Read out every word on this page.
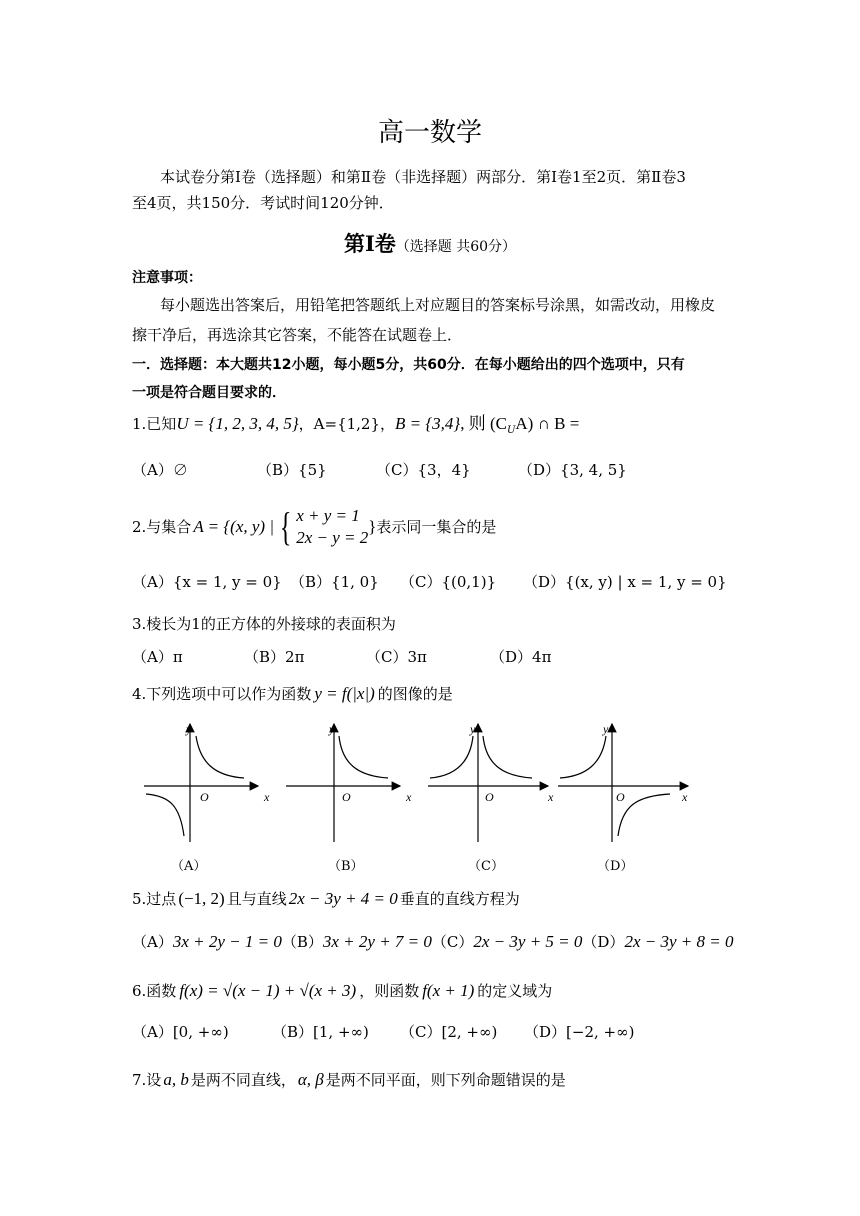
高一数学
本试卷分第Ⅰ卷（选择题）和第Ⅱ卷（非选择题）两部分．第Ⅰ卷1至2页．第Ⅱ卷3
至4页，共150分．考试时间120分钟．
第Ⅰ卷（选择题 共60分）
注意事项：
每小题选出答案后，用铅笔把答题纸上对应题目的答案标号涂黑，如需改动，用橡皮
擦干净后，再选涂其它答案，不能答在试题卷上．
一．选择题：本大题共12小题，每小题5分，共60分．在每小题给出的四个选项中，只有
一项是符合题目要求的．
1.已知U = {1, 2, 3, 4, 5}，A={1,2}，B = {3,4}, 则 $(C_UA)$ ∩ B =
（A）∅	（B）{5}	（C）{3，4}	（D）{3, 4, 5}
2.与集合 A = {(x, y) | { x + y = 1
2x − y = 2
} 表示同一集合的是
（A）{x = 1, y = 0} （B）{1, 0} （C）{(0,1)} （D）{(x, y) | x = 1, y = 0}
3.棱长为1的正方体的外接球的表面积为
（A）π	（B）2π	（C）3π	（D）4π
4.下列选项中可以作为函数 y = f(|x|) 的图像的是
y
x
O
y
x
O
y
x
O
y
x
O
（A）	（B）	（C）	（D）
5.过点 (−1, 2) 且与直线 2x − 3y + 4 = 0 垂直的直线方程为
（A）3x + 2y − 1 = 0（B）3x + 2y + 7 = 0（C）2x − 3y + 5 = 0（D）2x − 3y + 8 = 0
6.函数 f(x) = √(x − 1) + √(x + 3) ，则函数 f(x + 1) 的定义域为
（A）[0, +∞)	（B）[1, +∞) （C）[2, +∞) （D）[−2, +∞)
7.设 a, b 是两不同直线， α, β 是两不同平面，则下列命题错误的是
